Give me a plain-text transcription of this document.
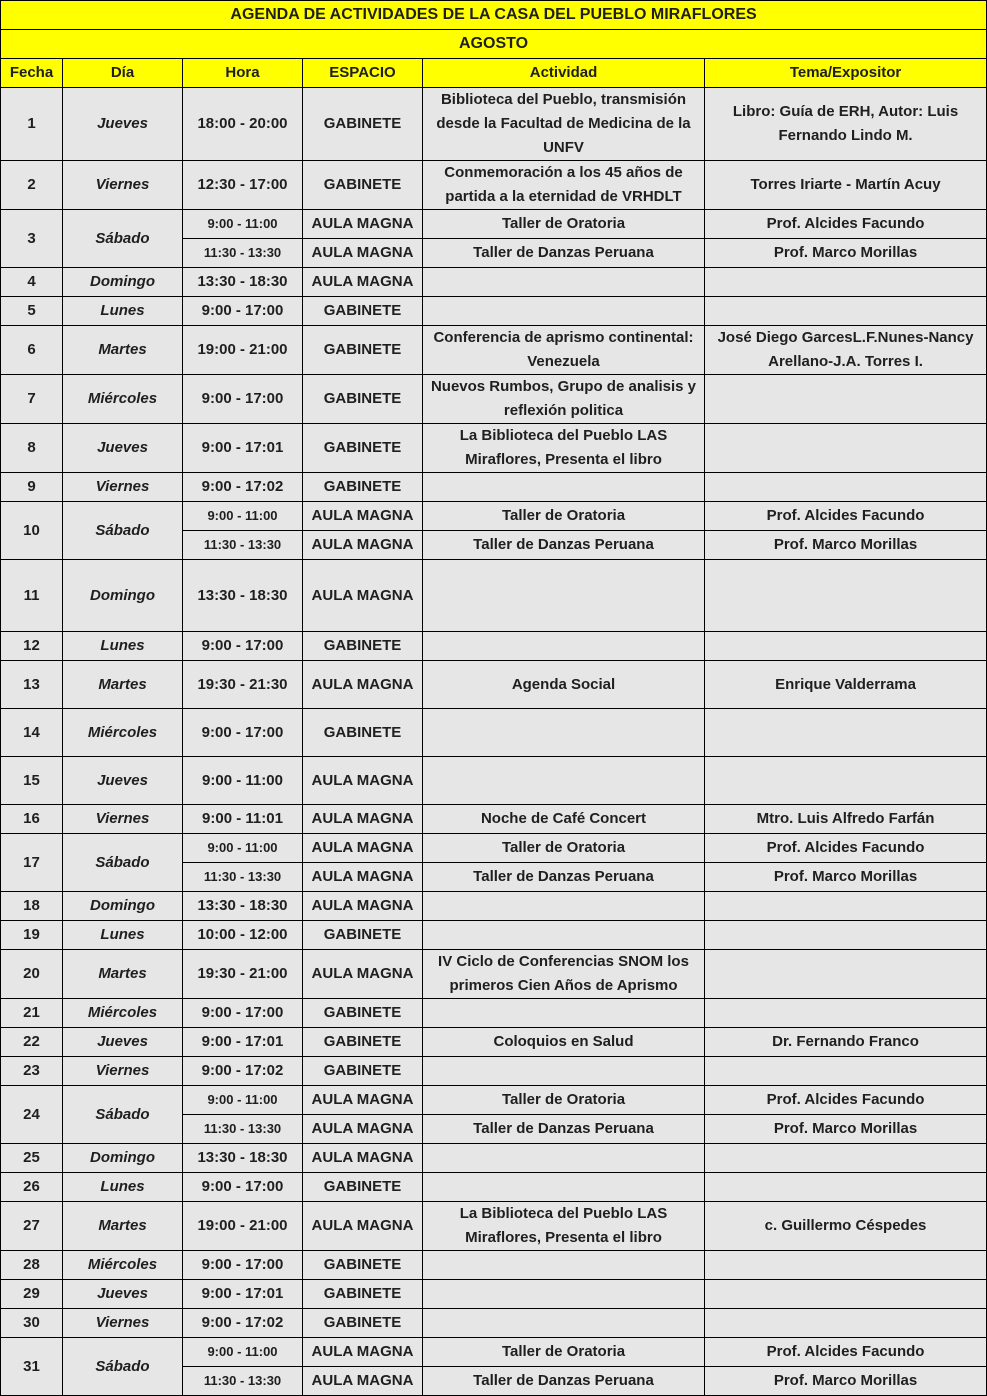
AGENDA DE ACTIVIDADES DE LA CASA DEL PUEBLO MIRAFLORES					
AGOSTO					
Fecha	Día	Hora	ESPACIO	Actividad	Tema/Expositor
1	Jueves	18:00 - 20:00	GABINETE	Biblioteca del Pueblo, transmisión desde la Facultad de Medicina de la UNFV	Libro: Guía de ERH, Autor: Luis Fernando Lindo M.
2	Viernes	12:30 - 17:00	GABINETE	Conmemoración a los 45 años de partida a la eternidad de VRHDLT	Torres Iriarte - Martín Acuy
3	Sábado	9:00 - 11:00	AULA MAGNA	Taller de Oratoria	Prof. Alcides Facundo
		11:30 - 13:30	AULA MAGNA	Taller de Danzas Peruana	Prof. Marco Morillas
4	Domingo	13:30 - 18:30	AULA MAGNA		
5	Lunes	9:00 - 17:00	GABINETE		
6	Martes	19:00 - 21:00	GABINETE	Conferencia de aprismo continental: Venezuela	José Diego GarcesL.F.Nunes-Nancy Arellano-J.A. Torres I.
7	Miércoles	9:00 - 17:00	GABINETE	Nuevos Rumbos, Grupo de analisis y reflexión politica	
8	Jueves	9:00 - 17:01	GABINETE	La Biblioteca del Pueblo LAS Miraflores, Presenta el libro	
9	Viernes	9:00 - 17:02	GABINETE		
10	Sábado	9:00 - 11:00	AULA MAGNA	Taller de Oratoria	Prof. Alcides Facundo
		11:30 - 13:30	AULA MAGNA	Taller de Danzas Peruana	Prof. Marco Morillas
11	Domingo	13:30 - 18:30	AULA MAGNA		
12	Lunes	9:00 - 17:00	GABINETE		
13	Martes	19:30 - 21:30	AULA MAGNA	Agenda Social	Enrique Valderrama
14	Miércoles	9:00 - 17:00	GABINETE		
15	Jueves	9:00 - 11:00	AULA MAGNA		
16	Viernes	9:00 - 11:01	AULA MAGNA	Noche de Café Concert	Mtro. Luis Alfredo Farfán
17	Sábado	9:00 - 11:00	AULA MAGNA	Taller de Oratoria	Prof. Alcides Facundo
		11:30 - 13:30	AULA MAGNA	Taller de Danzas Peruana	Prof. Marco Morillas
18	Domingo	13:30 - 18:30	AULA MAGNA		
19	Lunes	10:00 - 12:00	GABINETE		
20	Martes	19:30 - 21:00	AULA MAGNA	IV Ciclo de Conferencias SNOM los primeros Cien Años de Aprismo	
21	Miércoles	9:00 - 17:00	GABINETE		
22	Jueves	9:00 - 17:01	GABINETE	Coloquios en Salud	Dr. Fernando Franco
23	Viernes	9:00 - 17:02	GABINETE		
24	Sábado	9:00 - 11:00	AULA MAGNA	Taller de Oratoria	Prof. Alcides Facundo
		11:30 - 13:30	AULA MAGNA	Taller de Danzas Peruana	Prof. Marco Morillas
25	Domingo	13:30 - 18:30	AULA MAGNA		
26	Lunes	9:00 - 17:00	GABINETE		
27	Martes	19:00 - 21:00	AULA MAGNA	La Biblioteca del Pueblo LAS Miraflores, Presenta el libro	c. Guillermo Céspedes
28	Miércoles	9:00 - 17:00	GABINETE		
29	Jueves	9:00 - 17:01	GABINETE		
30	Viernes	9:00 - 17:02	GABINETE		
31	Sábado	9:00 - 11:00	AULA MAGNA	Taller de Oratoria	Prof. Alcides Facundo
		11:30 - 13:30	AULA MAGNA	Taller de Danzas Peruana	Prof. Marco Morillas
